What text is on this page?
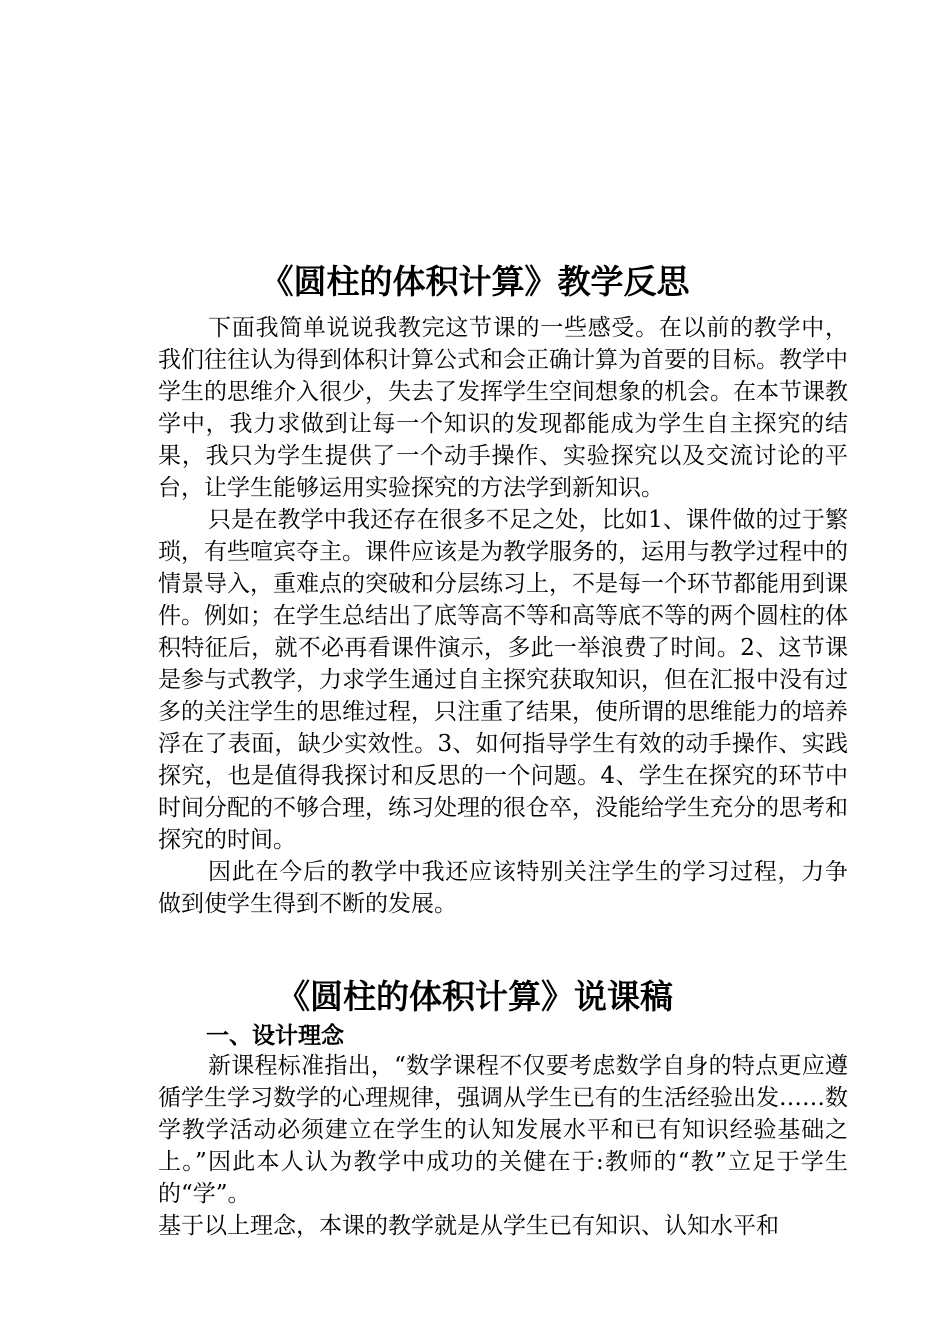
《圆柱的体积计算》教学反思

下面我简单说说我教完这节课的一些感受。在以前的教学中，我们往往认为得到体积计算公式和会正确计算为首要的目标。教学中学生的思维介入很少，失去了发挥学生空间想象的机会。在本节课教学中，我力求做到让每一个知识的发现都能成为学生自主探究的结果，我只为学生提供了一个动手操作、实验探究以及交流讨论的平台，让学生能够运用实验探究的方法学到新知识。

只是在教学中我还存在很多不足之处，比如1、课件做的过于繁琐，有些喧宾夺主。课件应该是为教学服务的，运用与教学过程中的情景导入，重难点的突破和分层练习上，不是每一个环节都能用到课件。例如；在学生总结出了底等高不等和高等底不等的两个圆柱的体积特征后，就不必再看课件演示，多此一举浪费了时间。2、这节课是参与式教学，力求学生通过自主探究获取知识，但在汇报中没有过多的关注学生的思维过程，只注重了结果，使所谓的思维能力的培养浮在了表面，缺少实效性。3、如何指导学生有效的动手操作、实践探究，也是值得我探讨和反思的一个问题。4、学生在探究的环节中时间分配的不够合理，练习处理的很仓卒，没能给学生充分的思考和探究的时间。

因此在今后的教学中我还应该特别关注学生的学习过程，力争做到使学生得到不断的发展。

《圆柱的体积计算》说课稿
一、设计理念

新课程标准指出，“数学课程不仅要考虑数学自身的特点更应遵循学生学习数学的心理规律，强调从学生已有的生活经验出发……数学教学活动必须建立在学生的认知发展水平和已有知识经验基础之上。”因此本人认为教学中成功的关健在于:教师的“教”立足于学生的“学”。

基于以上理念，本课的教学就是从学生已有知识、认知水平和
